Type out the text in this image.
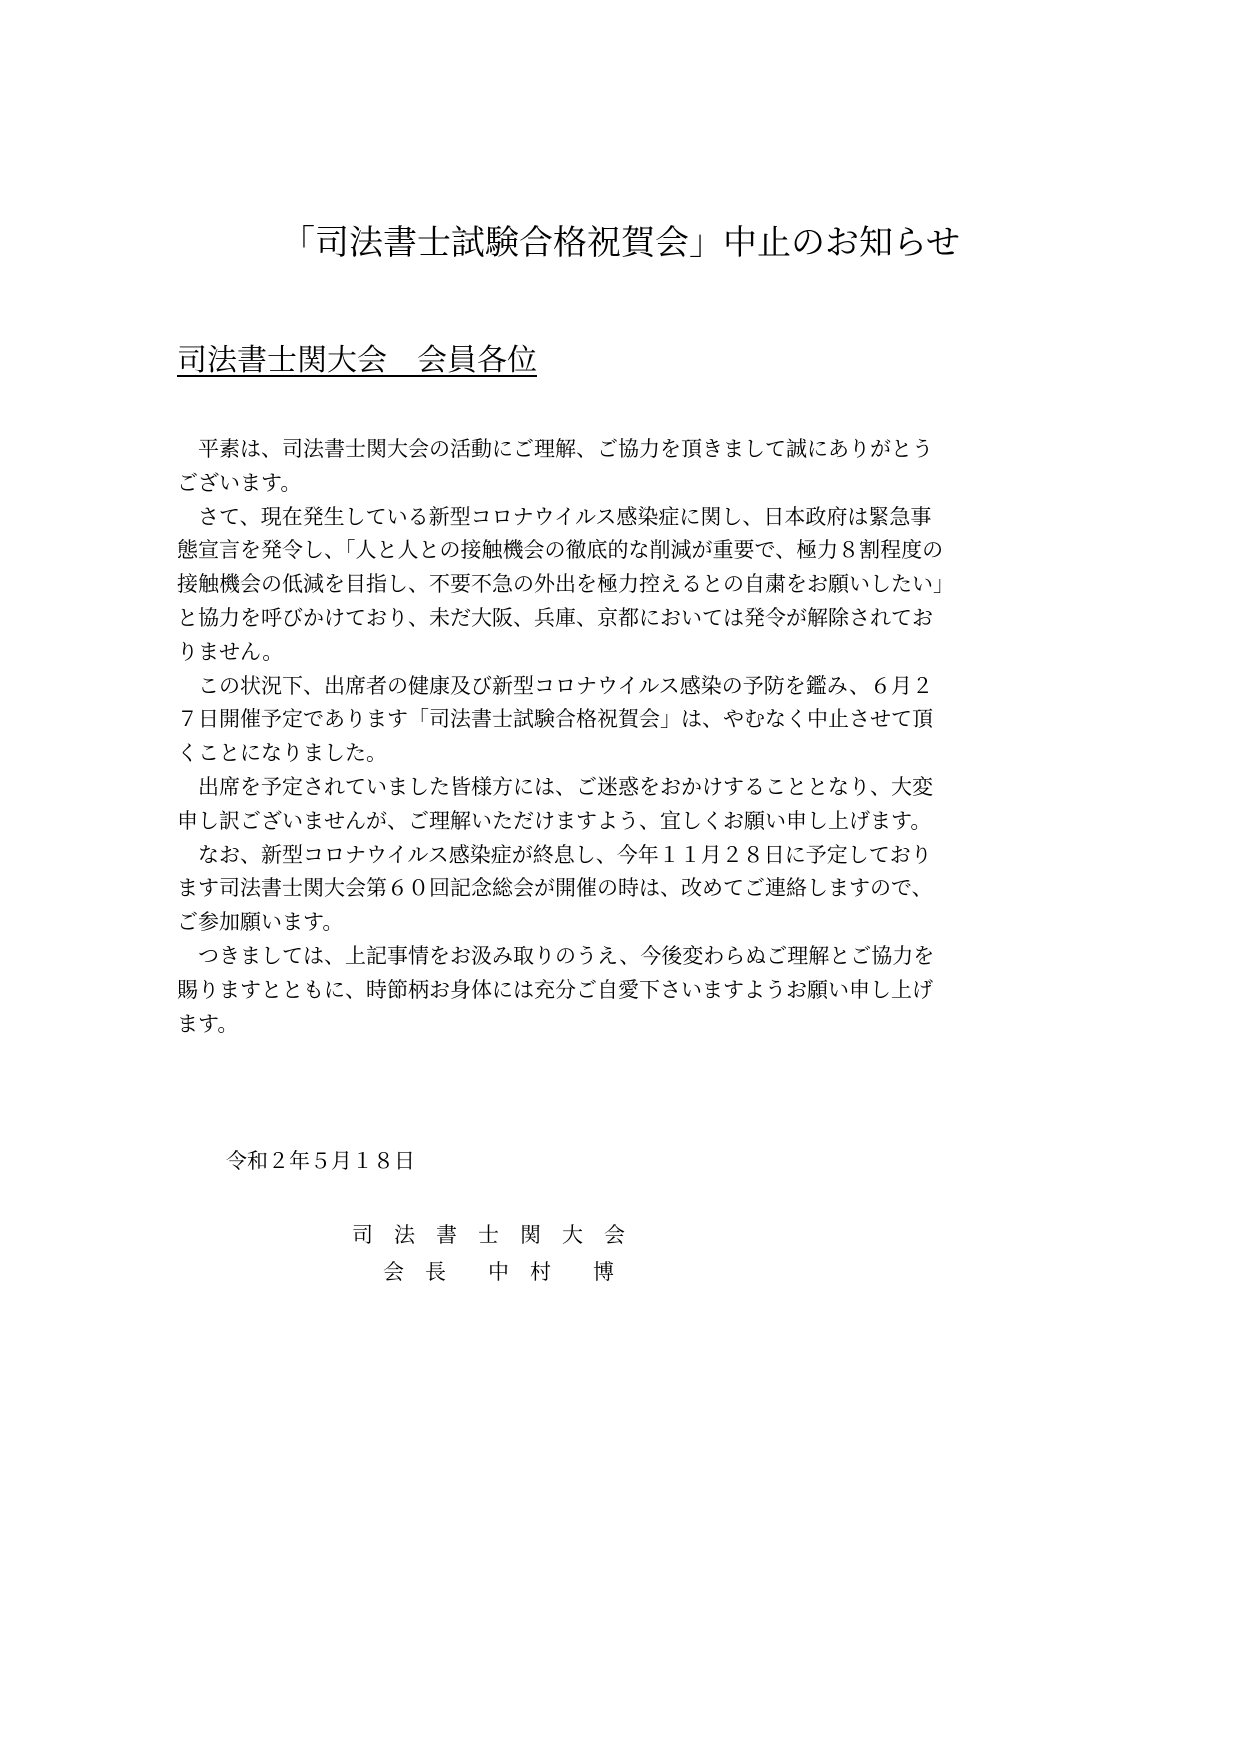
「司法書士試験合格祝賀会」中止のお知らせ
司法書士関大会　会員各位
　平素は、司法書士関大会の活動にご理解、ご協力を頂きまして誠にありがとう
ございます。
　さて、現在発生している新型コロナウイルス感染症に関し、日本政府は緊急事
態宣言を発令し、「人と人との接触機会の徹底的な削減が重要で、極力８割程度の
接触機会の低減を目指し、不要不急の外出を極力控えるとの自粛をお願いしたい」
と協力を呼びかけており、未だ大阪、兵庫、京都においては発令が解除されてお
りません。
　この状況下、出席者の健康及び新型コロナウイルス感染の予防を鑑み、６月２
７日開催予定であります「司法書士試験合格祝賀会」は、やむなく中止させて頂
くことになりました。
　出席を予定されていました皆様方には、ご迷惑をおかけすることとなり、大変
申し訳ございませんが、ご理解いただけますよう、宜しくお願い申し上げます。
　なお、新型コロナウイルス感染症が終息し、今年１１月２８日に予定しており
ます司法書士関大会第６０回記念総会が開催の時は、改めてご連絡しますので、
ご参加願います。
　つきましては、上記事情をお汲み取りのうえ、今後変わらぬご理解とご協力を
賜りますとともに、時節柄お身体には充分ご自愛下さいますようお願い申し上げ
ます。
令和２年５月１８日
司　法　書　士　関　大　会
会　長　　中　村　　博
